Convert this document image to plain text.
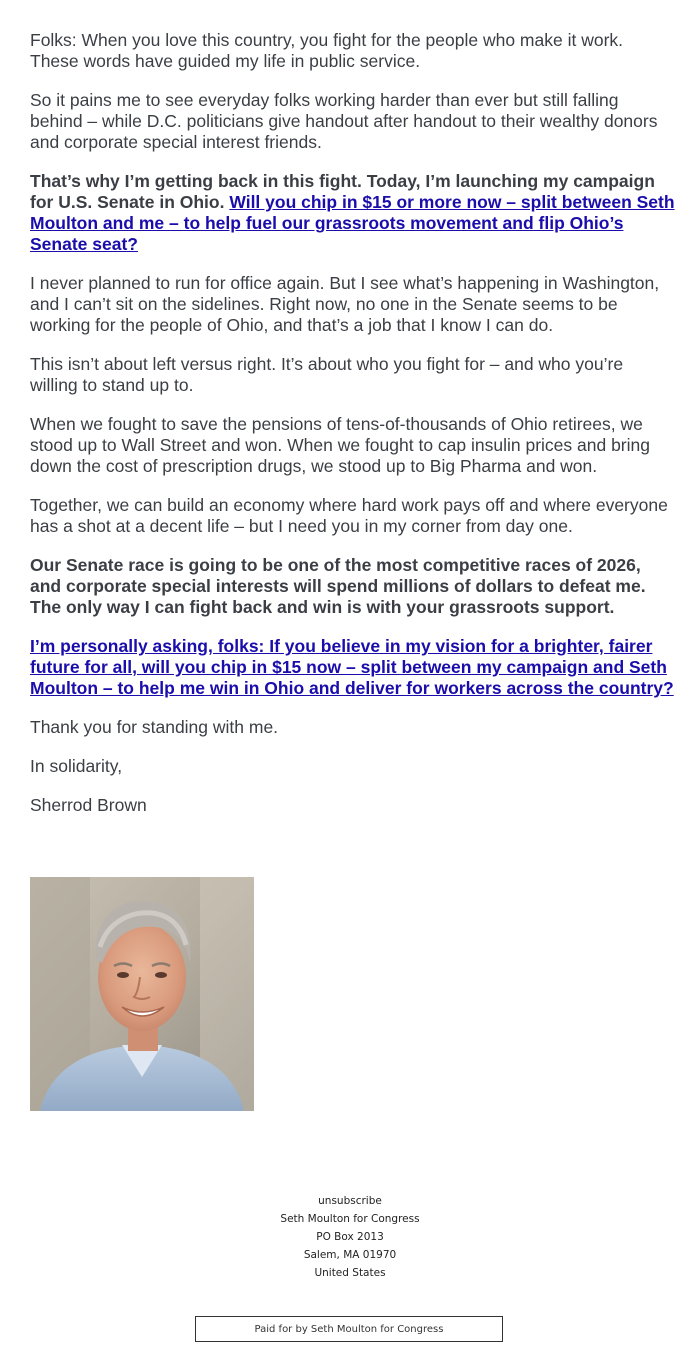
Folks: When you love this country, you fight for the people who make it work. These words have guided my life in public service.

So it pains me to see everyday folks working harder than ever but still falling behind – while D.C. politicians give handout after handout to their wealthy donors and corporate special interest friends.

That’s why I’m getting back in this fight. Today, I’m launching my campaign for U.S. Senate in Ohio. Will you chip in $15 or more now – split between Seth Moulton and me – to help fuel our grassroots movement and flip Ohio’s Senate seat?

I never planned to run for office again. But I see what’s happening in Washington, and I can’t sit on the sidelines. Right now, no one in the Senate seems to be working for the people of Ohio, and that’s a job that I know I can do.

This isn’t about left versus right. It’s about who you fight for – and who you’re willing to stand up to.

When we fought to save the pensions of tens-of-thousands of Ohio retirees, we stood up to Wall Street and won. When we fought to cap insulin prices and bring down the cost of prescription drugs, we stood up to Big Pharma and won.

Together, we can build an economy where hard work pays off and where everyone has a shot at a decent life – but I need you in my corner from day one.

Our Senate race is going to be one of the most competitive races of 2026, and corporate special interests will spend millions of dollars to defeat me. The only way I can fight back and win is with your grassroots support.

I’m personally asking, folks: If you believe in my vision for a brighter, fairer future for all, will you chip in $15 now – split between my campaign and Seth Moulton – to help me win in Ohio and deliver for workers across the country?

Thank you for standing with me.

In solidarity,

Sherrod Brown

unsubscribe
Seth Moulton for Congress
PO Box 2013
Salem, MA 01970
United States
Paid for by Seth Moulton for Congress
